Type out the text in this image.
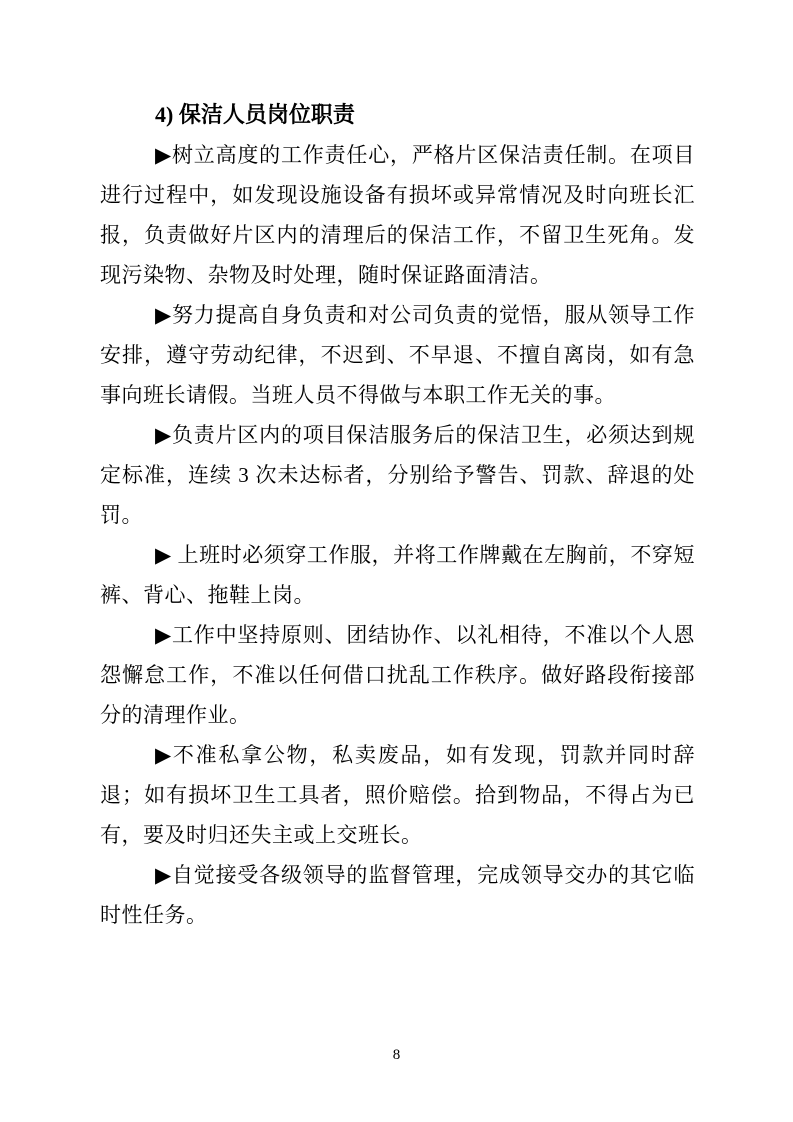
4) 保洁人员岗位职责

▶树立高度的工作责任心，严格片区保洁责任制。在项目进行过程中，如发现设施设备有损坏或异常情况及时向班长汇报，负责做好片区内的清理后的保洁工作，不留卫生死角。发现污染物、杂物及时处理，随时保证路面清洁。

▶努力提高自身负责和对公司负责的觉悟，服从领导工作安排，遵守劳动纪律，不迟到、不早退、不擅自离岗，如有急事向班长请假。当班人员不得做与本职工作无关的事。

▶负责片区内的项目保洁服务后的保洁卫生，必须达到规定标准，连续 3 次未达标者，分别给予警告、罚款、辞退的处罚。

▶ 上班时必须穿工作服，并将工作牌戴在左胸前，不穿短裤、背心、拖鞋上岗。

▶工作中坚持原则、团结协作、以礼相待，不准以个人恩怨懈怠工作，不准以任何借口扰乱工作秩序。做好路段衔接部分的清理作业。

▶不准私拿公物，私卖废品，如有发现，罚款并同时辞退；如有损坏卫生工具者，照价赔偿。拾到物品，不得占为已有，要及时归还失主或上交班长。

▶自觉接受各级领导的监督管理，完成领导交办的其它临时性任务。

8
